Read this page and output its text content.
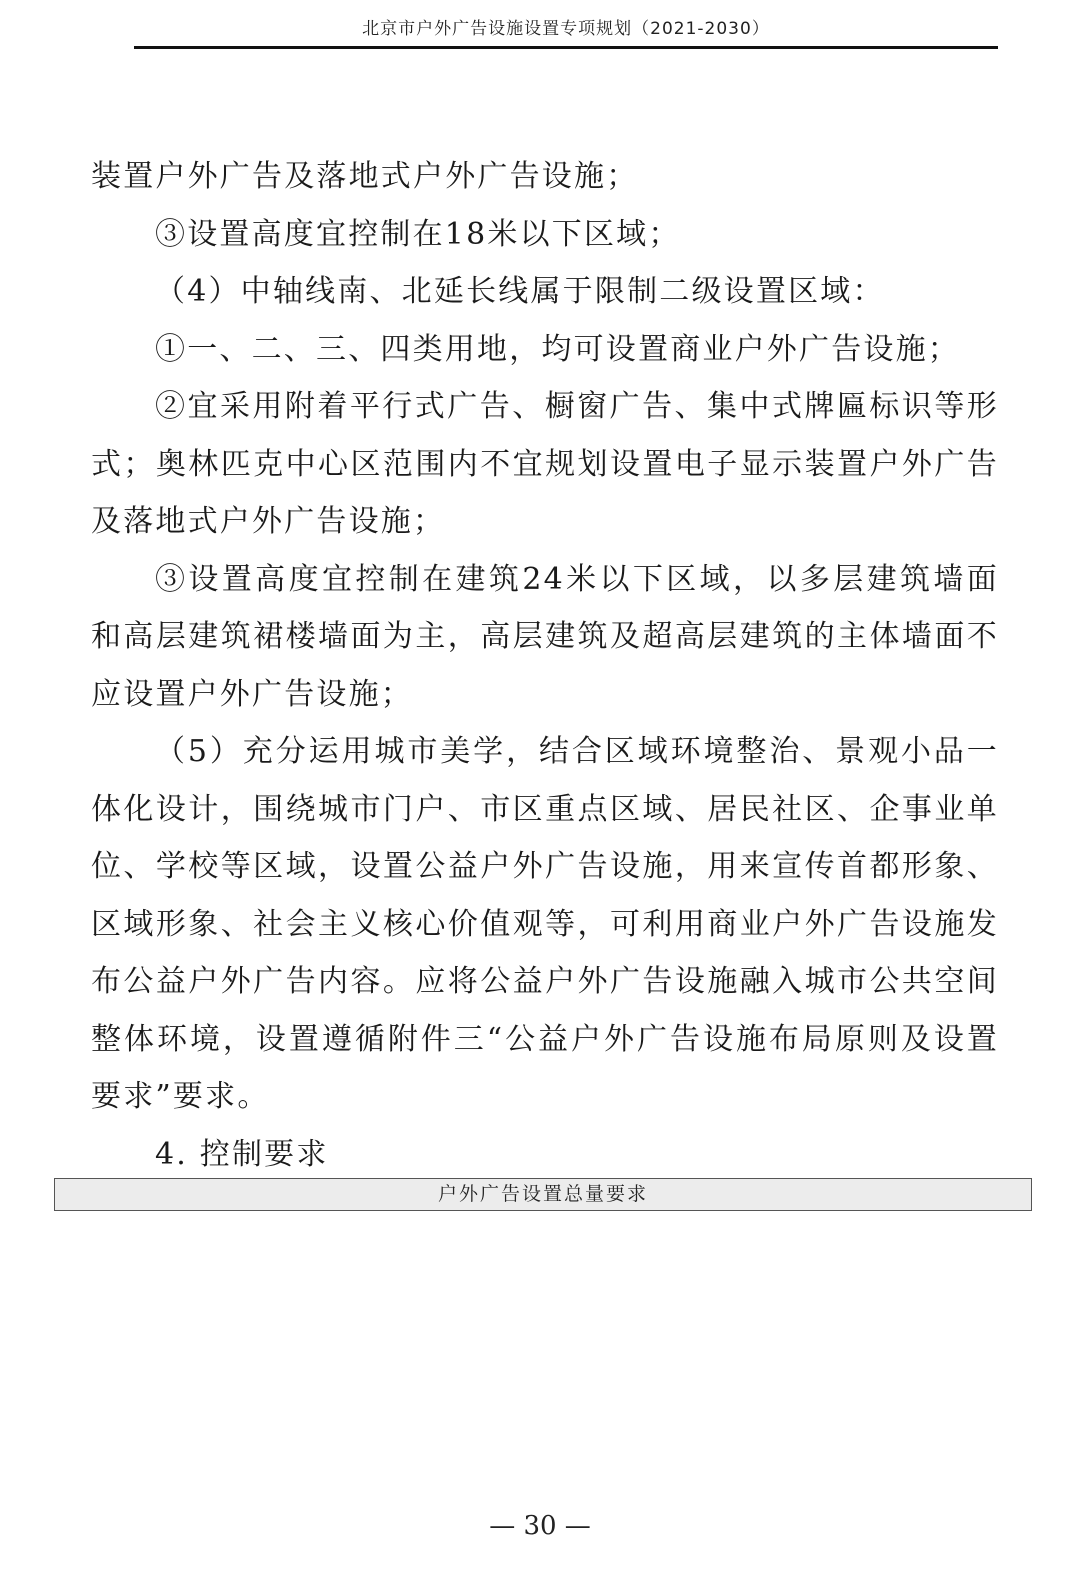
北京市户外广告设施设置专项规划（2021-2030）

装置户外广告及落地式户外广告设施；

③设置高度宜控制在18米以下区域；

（4）中轴线南、北延长线属于限制二级设置区域：

①一、二、三、四类用地，均可设置商业户外广告设施；

②宜采用附着平行式广告、橱窗广告、集中式牌匾标识等形式；奥林匹克中心区范围内不宜规划设置电子显示装置户外广告及落地式户外广告设施；

③设置高度宜控制在建筑24米以下区域，以多层建筑墙面和高层建筑裙楼墙面为主，高层建筑及超高层建筑的主体墙面不应设置户外广告设施；

（5）充分运用城市美学，结合区域环境整治、景观小品一体化设计，围绕城市门户、市区重点区域、居民社区、企事业单位、学校等区域，设置公益户外广告设施，用来宣传首都形象、区域形象、社会主义核心价值观等，可利用商业户外广告设施发布公益户外广告内容。应将公益户外广告设施融入城市公共空间整体环境，设置遵循附件三“公益户外广告设施布局原则及设置要求”要求。

4. 控制要求

户外广告设置总量要求
— 30 —
